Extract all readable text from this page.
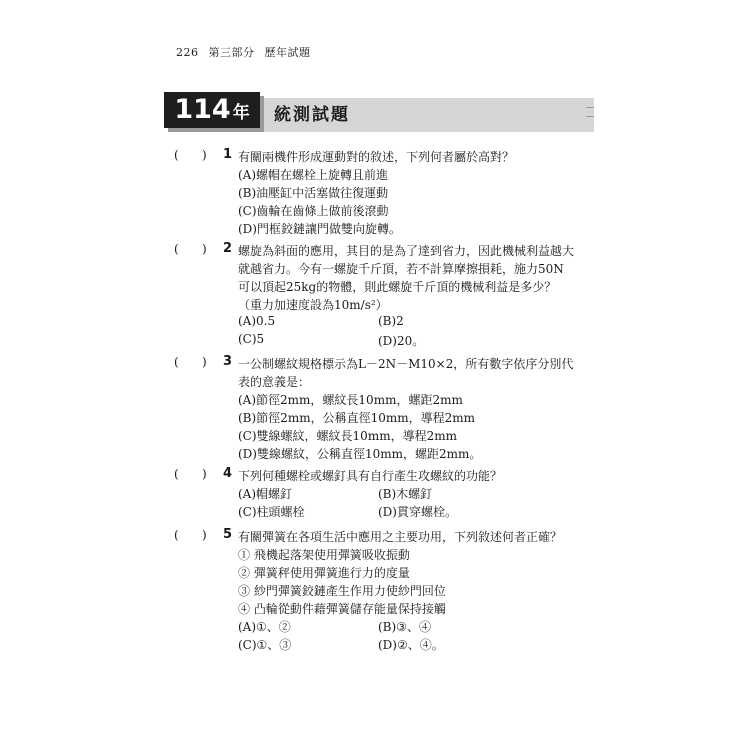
226 第三部分 歷年試題
114 年 統測試題
( ) 1 有關兩機件形成運動對的敘述，下列何者屬於高對？
(A)螺帽在螺栓上旋轉且前進
(B)油壓缸中活塞做往復運動
(C)齒輪在齒條上做前後滾動
(D)門框鉸鏈讓門做雙向旋轉。
( ) 2 螺旋為斜面的應用，其目的是為了達到省力，因此機械利益越大
就越省力。今有一螺旋千斤頂，若不計算摩擦損耗，施力50N
可以頂起25kg的物體，則此螺旋千斤頂的機械利益是多少？
（重力加速度設為10m/s²）
(A)0.5	(B)2
(C)5	(D)20。
( ) 3 一公制螺紋規格標示為L－2N－M10×2，所有數字依序分別代
表的意義是：
(A)節徑2mm，螺紋長10mm，螺距2mm
(B)節徑2mm，公稱直徑10mm，導程2mm
(C)雙線螺紋，螺紋長10mm，導程2mm
(D)雙線螺紋，公稱直徑10mm，螺距2mm。
( ) 4 下列何種螺栓或螺釘具有自行產生攻螺紋的功能？
(A)帽螺釘	(B)木螺釘
(C)柱頭螺栓	(D)貫穿螺栓。
( ) 5 有關彈簧在各項生活中應用之主要功用，下列敘述何者正確？
① 飛機起落架使用彈簧吸收振動
② 彈簧秤使用彈簧進行力的度量
③ 紗門彈簧鉸鏈產生作用力使紗門回位
④ 凸輪從動件藉彈簧儲存能量保持接觸
(A)①、②	(B)③、④
(C)①、③	(D)②、④。
